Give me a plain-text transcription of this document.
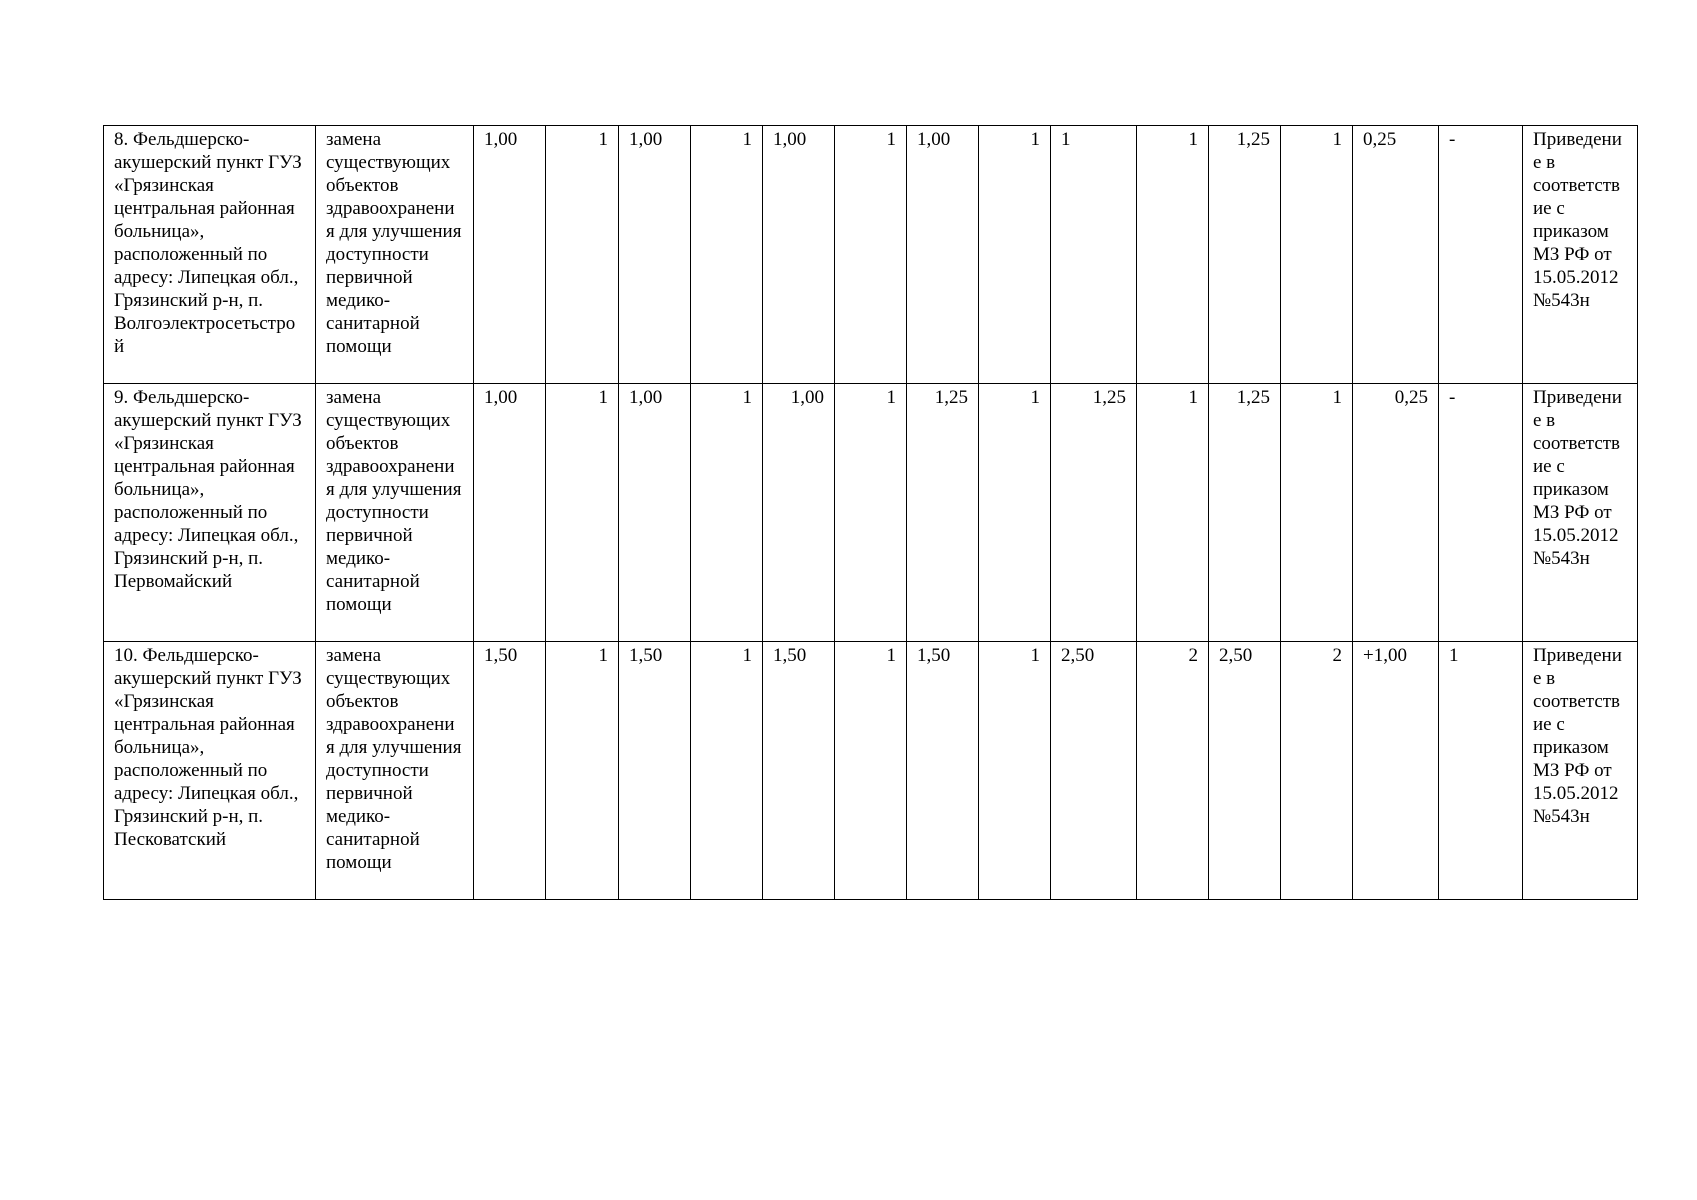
8. Фельдшерско-акушерский пункт ГУЗ «Грязинская центральная районная больница», расположенный по адресу: Липецкая обл., Грязинский р-н, п. Волгоэлектросетьстрой	замена существующих объектов здравоохранения для улучшения доступности первичной медико-санитарной помощи	1,00	1	1,00	1	1,00	1	1,00	1	1	1	1,25	1	0,25	-	Приведение в соответствие с приказом МЗ РФ от 15.05.2012 №543н
9. Фельдшерско-акушерский пункт ГУЗ «Грязинская центральная районная больница», расположенный по адресу: Липецкая обл., Грязинский р-н, п. Первомайский	замена существующих объектов здравоохранения для улучшения доступности первичной медико-санитарной помощи	1,00	1	1,00	1	1,00	1	1,25	1	1,25	1	1,25	1	0,25	-	Приведение в соответствие с приказом МЗ РФ от 15.05.2012 №543н
10. Фельдшерско-акушерский пункт ГУЗ «Грязинская центральная районная больница», расположенный по адресу: Липецкая обл., Грязинский р-н, п. Песковатский	замена существующих объектов здравоохранения для улучшения доступности первичной медико-санитарной помощи	1,50	1	1,50	1	1,50	1	1,50	1	2,50	2	2,50	2	+1,00	1	Приведение в соответствие с приказом МЗ РФ от 15.05.2012 №543н
